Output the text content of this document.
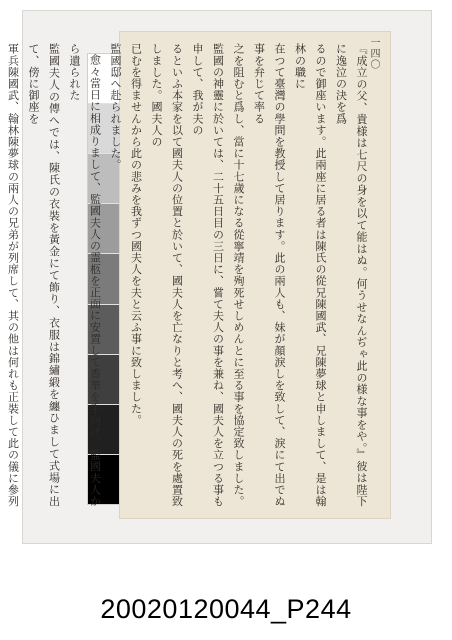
一四〇

『成立の父、貴様は七尺の身を以て能はぬ。何うせなんぢゃ此の様な事をや。』彼は陛下に逸泣の決を爲

るので御座います。此兩座に居る者は陳氏の從兄陳國武、兄陳夢球と申しまして、是は翰林の職に

在つて臺灣の學問を教授して居ります。此の兩人も、妹が顏淚しを致して、淚にて出でぬ事を弁じて率る

之を阻むと爲し、當に十七歲になる從寧靖を殉死せしめんとに至る事を協定致しました。

監國の神靈に於いては、二十五日目の三日に、嘗て夫人の事を兼ね、國夫人を立つる事も申して、我が夫の

るといふ本家を以て國夫人の位置と於いて、國夫人を亡なりと考へ、國夫人の死を處置致しました。國夫人の

已むを得ませんから此の悲みを我ずつ國夫人を夫と云ふ事に致しました。

監國邸へ赴られました。

愈々當日に相成りまして、監國夫人の霊柩を正面に安置して香華を手向け、監國夫人から遺られた

監國夫人の傳へでは、陳氏の衣裝を黃金にて飾り、衣服は錦繡緞を纏ひまして式場に出て、傍に御座を

軍兵陳國武、翰林陳夢球の兩人の兄弟が列席して、其の他は何れも正裝して此の儀に參列

20020120044_P244
